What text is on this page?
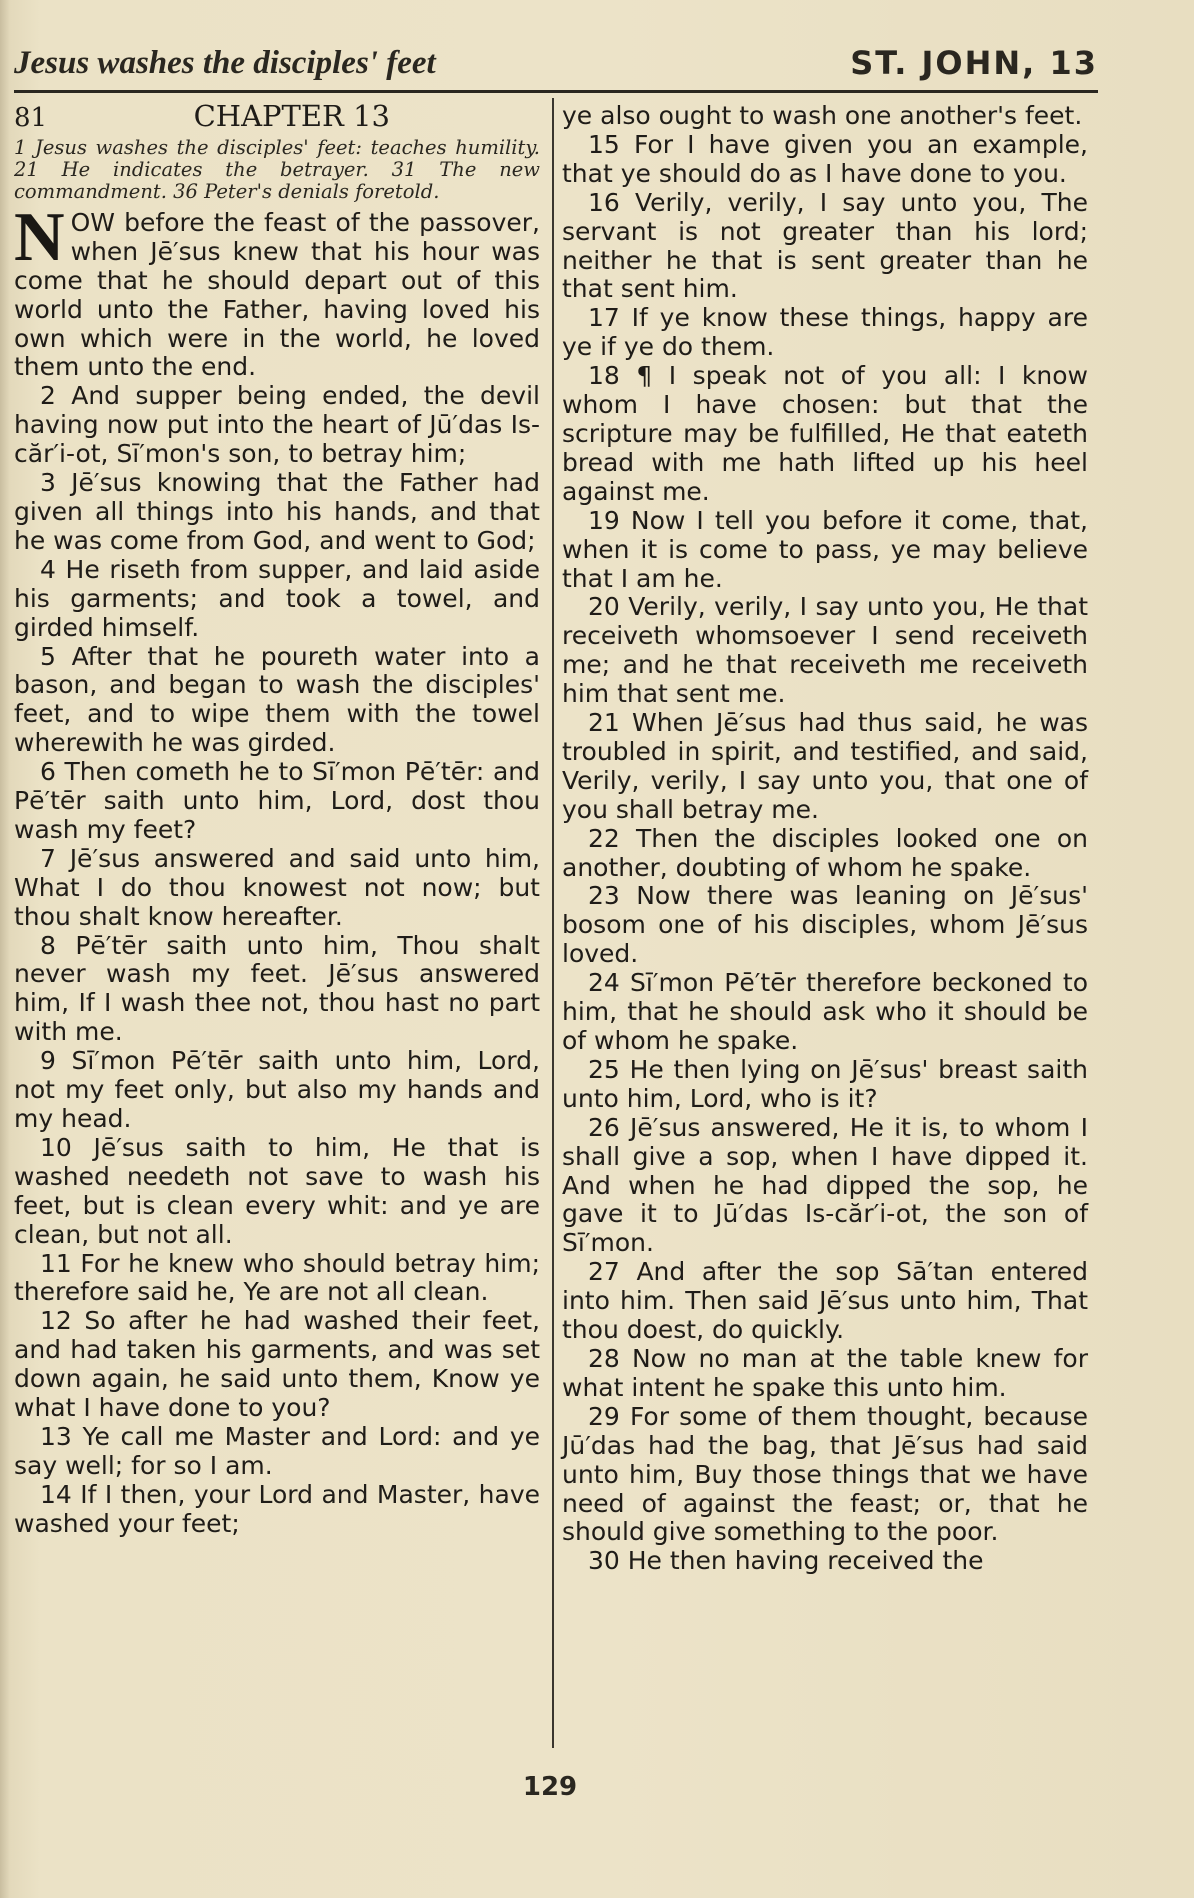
Jesus washes the disciples' feet	ST. JOHN, 13
81	CHAPTER 13
1 Jesus washes the disciples' feet: teaches humility. 21 He indicates the betrayer. 31 The new commandment. 36 Peter's denials foretold.

NOW before the feast of the passover, when Jē′sus knew that his hour was come that he should depart out of this world unto the Father, having loved his own which were in the world, he loved them unto the end.

2 And supper being ended, the devil having now put into the heart of Jū′das Is-căr′i-ot, Sī′mon's son, to betray him;

3 Jē′sus knowing that the Father had given all things into his hands, and that he was come from God, and went to God;

4 He riseth from supper, and laid aside his garments; and took a towel, and girded himself.

5 After that he poureth water into a bason, and began to wash the disciples' feet, and to wipe them with the towel wherewith he was girded.

6 Then cometh he to Sī′mon Pē′tēr: and Pē′tēr saith unto him, Lord, dost thou wash my feet?

7 Jē′sus answered and said unto him, What I do thou knowest not now; but thou shalt know hereafter.

8 Pē′tēr saith unto him, Thou shalt never wash my feet. Jē′sus answered him, If I wash thee not, thou hast no part with me.

9 Sī′mon Pē′tēr saith unto him, Lord, not my feet only, but also my hands and my head.

10 Jē′sus saith to him, He that is washed needeth not save to wash his feet, but is clean every whit: and ye are clean, but not all.

11 For he knew who should betray him; therefore said he, Ye are not all clean.

12 So after he had washed their feet, and had taken his garments, and was set down again, he said unto them, Know ye what I have done to you?

13 Ye call me Master and Lord: and ye say well; for so I am.

14 If I then, your Lord and Master, have washed your feet;

ye also ought to wash one another's feet.

15 For I have given you an example, that ye should do as I have done to you.

16 Verily, verily, I say unto you, The servant is not greater than his lord; neither he that is sent greater than he that sent him.

17 If ye know these things, happy are ye if ye do them.

18 ¶ I speak not of you all: I know whom I have chosen: but that the scripture may be fulfilled, He that eateth bread with me hath lifted up his heel against me.

19 Now I tell you before it come, that, when it is come to pass, ye may believe that I am he.

20 Verily, verily, I say unto you, He that receiveth whomsoever I send receiveth me; and he that receiveth me receiveth him that sent me.

21 When Jē′sus had thus said, he was troubled in spirit, and testified, and said, Verily, verily, I say unto you, that one of you shall betray me.

22 Then the disciples looked one on another, doubting of whom he spake.

23 Now there was leaning on Jē′sus' bosom one of his disciples, whom Jē′sus loved.

24 Sī′mon Pē′tēr therefore beckoned to him, that he should ask who it should be of whom he spake.

25 He then lying on Jē′sus' breast saith unto him, Lord, who is it?

26 Jē′sus answered, He it is, to whom I shall give a sop, when I have dipped it. And when he had dipped the sop, he gave it to Jū′das Is-căr′i-ot, the son of Sī′mon.

27 And after the sop Sā′tan entered into him. Then said Jē′sus unto him, That thou doest, do quickly.

28 Now no man at the table knew for what intent he spake this unto him.

29 For some of them thought, because Jū′das had the bag, that Jē′sus had said unto him, Buy those things that we have need of against the feast; or, that he should give something to the poor.

30 He then having received the

129
